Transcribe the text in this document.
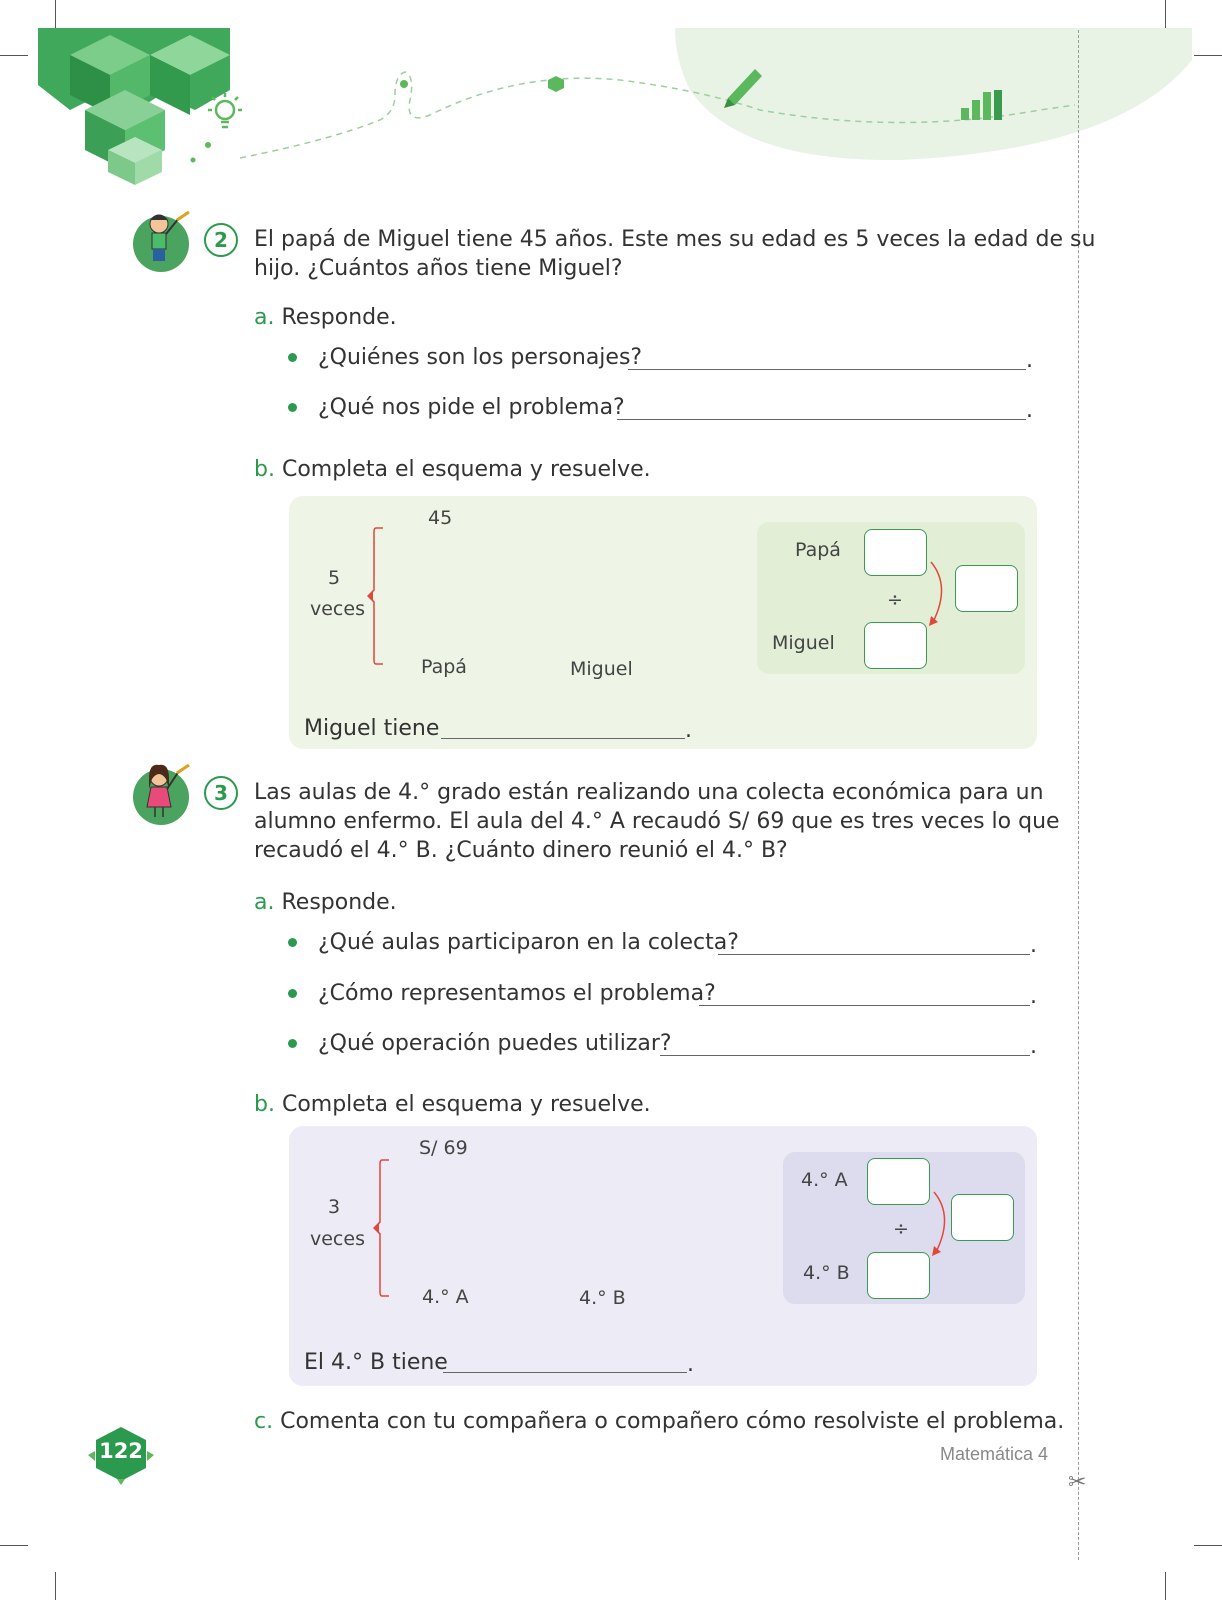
✂
2	El papá de Miguel tiene 45 años. Este mes su edad es 5 veces la edad de su
hijo. ¿Cuántos años tiene Miguel?
a. Responde.
¿Quiénes son los personajes?	.
¿Qué nos pide el problema?	.
b. Completa el esquema y resuelve.
45
5
veces
Papá	Miguel
Papá
Miguel
÷
Miguel tiene	.
3	Las aulas de 4.° grado están realizando una colecta económica para un
alumno enfermo. El aula del 4.° A recaudó S/ 69 que es tres veces lo que
recaudó el 4.° B. ¿Cuánto dinero reunió el 4.° B?
a. Responde.
¿Qué aulas participaron en la colecta?	.
¿Cómo representamos el problema?	.
¿Qué operación puedes utilizar?	.
b. Completa el esquema y resuelve.
S/ 69
3
veces
4.° A	4.° B
4.° A
4.° B
÷
El 4.° B tiene	.
c. Comenta con tu compañera o compañero cómo resolviste el problema.
122	Matemática 4
